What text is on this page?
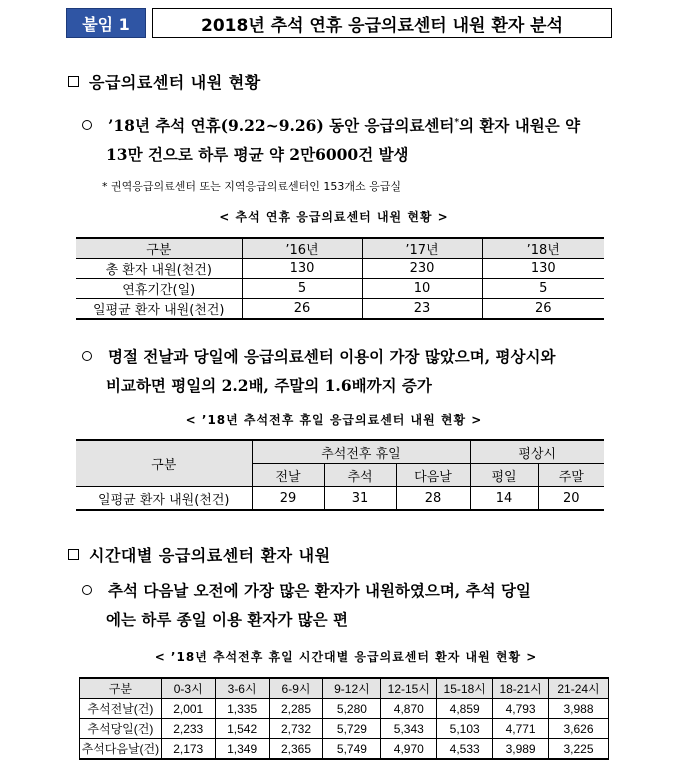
붙임 1	2018년 추석 연휴 응급의료센터 내원 환자 분석
응급의료센터 내원 현황
’18년 추석 연휴(9.22~9.26) 동안 응급의료센터*의 환자 내원은 약
13만 건으로 하루 평균 약 2만6000건 발생
* 권역응급의료센터 또는 지역응급의료센터인 153개소 응급실
< 추석 연휴 응급의료센터 내원 현황 >
구분	’16년	’17년	’18년
총 환자 내원(천건)	130	230	130
연휴기간(일)	5	10	5
일평균 환자 내원(천건)	26	23	26
명절 전날과 당일에 응급의료센터 이용이 가장 많았으며, 평상시와
비교하면 평일의 2.2배, 주말의 1.6배까지 증가
< ’18년 추석전후 휴일 응급의료센터 내원 현황 >
구분	추석전후 휴일			평상시	
	전날	추석	다음날	평일	주말
일평균 환자 내원(천건)	29	31	28	14	20
시간대별 응급의료센터 환자 내원
추석 다음날 오전에 가장 많은 환자가 내원하였으며, 추석 당일
에는 하루 종일 이용 환자가 많은 편
< ’18년 추석전후 휴일 시간대별 응급의료센터 환자 내원 현황 >
구분	0-3시	3-6시	6-9시	9-12시	12-15시	15-18시	18-21시	21-24시
추석전날(건)	2,001	1,335	2,285	5,280	4,870	4,859	4,793	3,988
추석당일(건)	2,233	1,542	2,732	5,729	5,343	5,103	4,771	3,626
추석다음날(건)	2,173	1,349	2,365	5,749	4,970	4,533	3,989	3,225
